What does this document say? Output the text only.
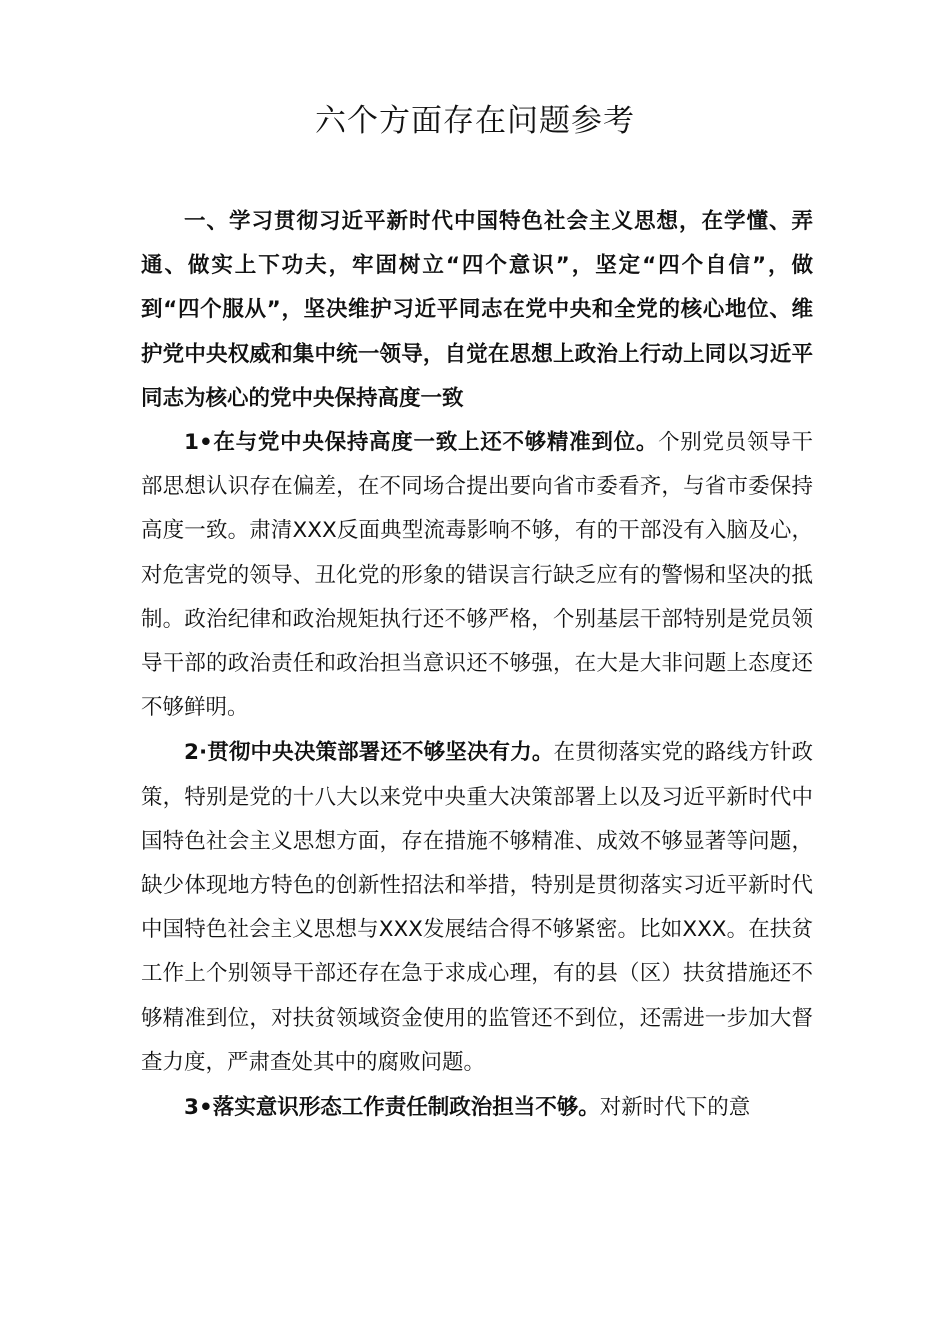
六个方面存在问题参考

一、学习贯彻习近平新时代中国特色社会主义思想，在学懂、弄通、做实上下功夫，牢固树立“四个意识”，坚定“四个自信”，做到“四个服从”，坚决维护习近平同志在党中央和全党的核心地位、维护党中央权威和集中统一领导，自觉在思想上政治上行动上同以习近平同志为核心的党中央保持高度一致

1•在与党中央保持高度一致上还不够精准到位。个别党员领导干部思想认识存在偏差，在不同场合提出要向省市委看齐，与省市委保持高度一致。肃清XXX反面典型流毒影响不够，有的干部没有入脑及心，对危害党的领导、丑化党的形象的错误言行缺乏应有的警惕和坚决的抵制。政治纪律和政治规矩执行还不够严格，个别基层干部特别是党员领导干部的政治责任和政治担当意识还不够强，在大是大非问题上态度还不够鲜明。

2·贯彻中央决策部署还不够坚决有力。在贯彻落实党的路线方针政策，特别是党的十八大以来党中央重大决策部署上以及习近平新时代中国特色社会主义思想方面，存在措施不够精准、成效不够显著等问题，缺少体现地方特色的创新性招法和举措，特别是贯彻落实习近平新时代中国特色社会主义思想与XXX发展结合得不够紧密。比如XXX。在扶贫工作上个别领导干部还存在急于求成心理，有的县（区）扶贫措施还不够精准到位，对扶贫领域资金使用的监管还不到位，还需进一步加大督查力度，严肃查处其中的腐败问题。

3•落实意识形态工作责任制政治担当不够。对新时代下的意
